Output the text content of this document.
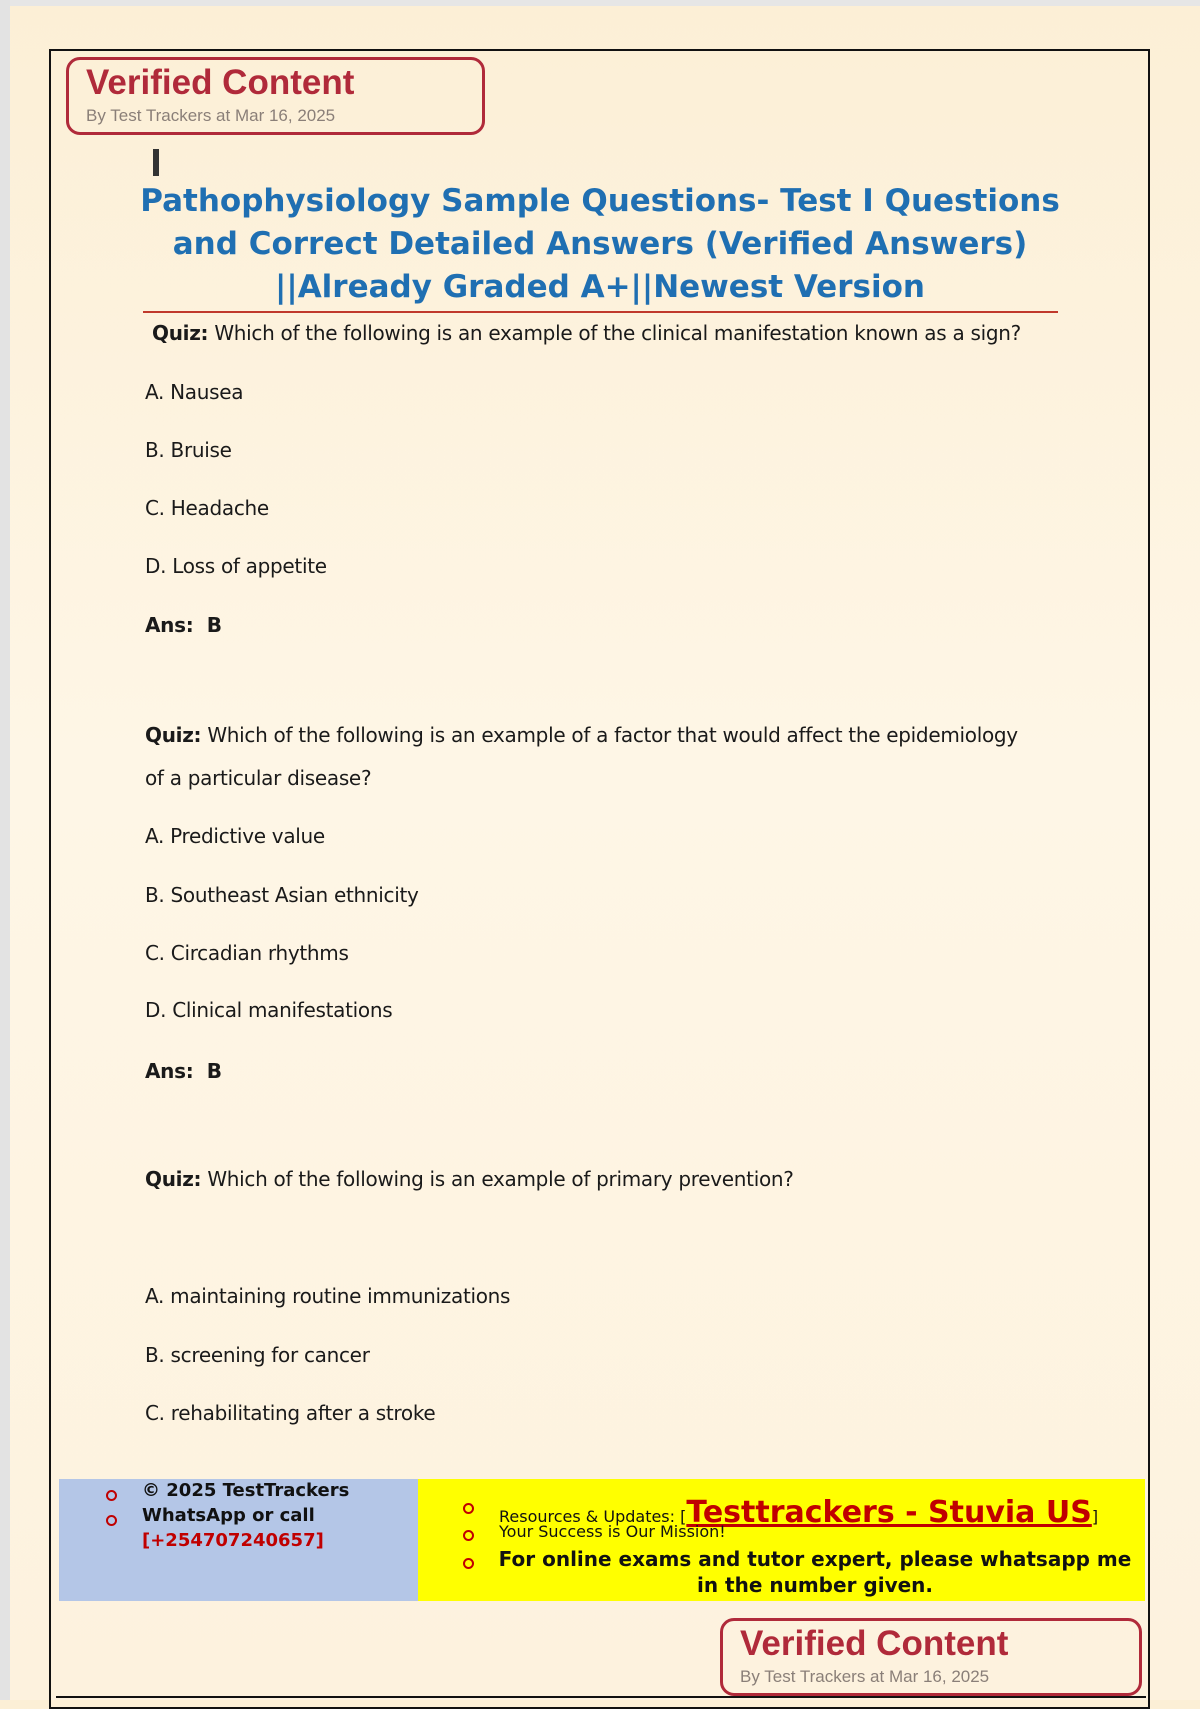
Verified Content
By Test Trackers at Mar 16, 2025
Pathophysiology Sample Questions- Test I Questions
and Correct Detailed Answers (Verified Answers)
||Already Graded A+||Newest Version
Quiz: Which of the following is an example of the clinical manifestation known as a sign?
A. Nausea
B. Bruise
C. Headache
D. Loss of appetite
Ans: B
Quiz: Which of the following is an example of a factor that would affect the epidemiology
of a particular disease?
A. Predictive value
B. Southeast Asian ethnicity
C. Circadian rhythms
D. Clinical manifestations
Ans: B
Quiz: Which of the following is an example of primary prevention?
A. maintaining routine immunizations
B. screening for cancer
C. rehabilitating after a stroke
© 2025 TestTrackers
WhatsApp or call
[+254707240657]
Resources & Updates: [Testtrackers - Stuvia US]
Your Success is Our Mission!
For online exams and tutor expert, please whatsapp me
in the number given.
Verified Content
By Test Trackers at Mar 16, 2025
